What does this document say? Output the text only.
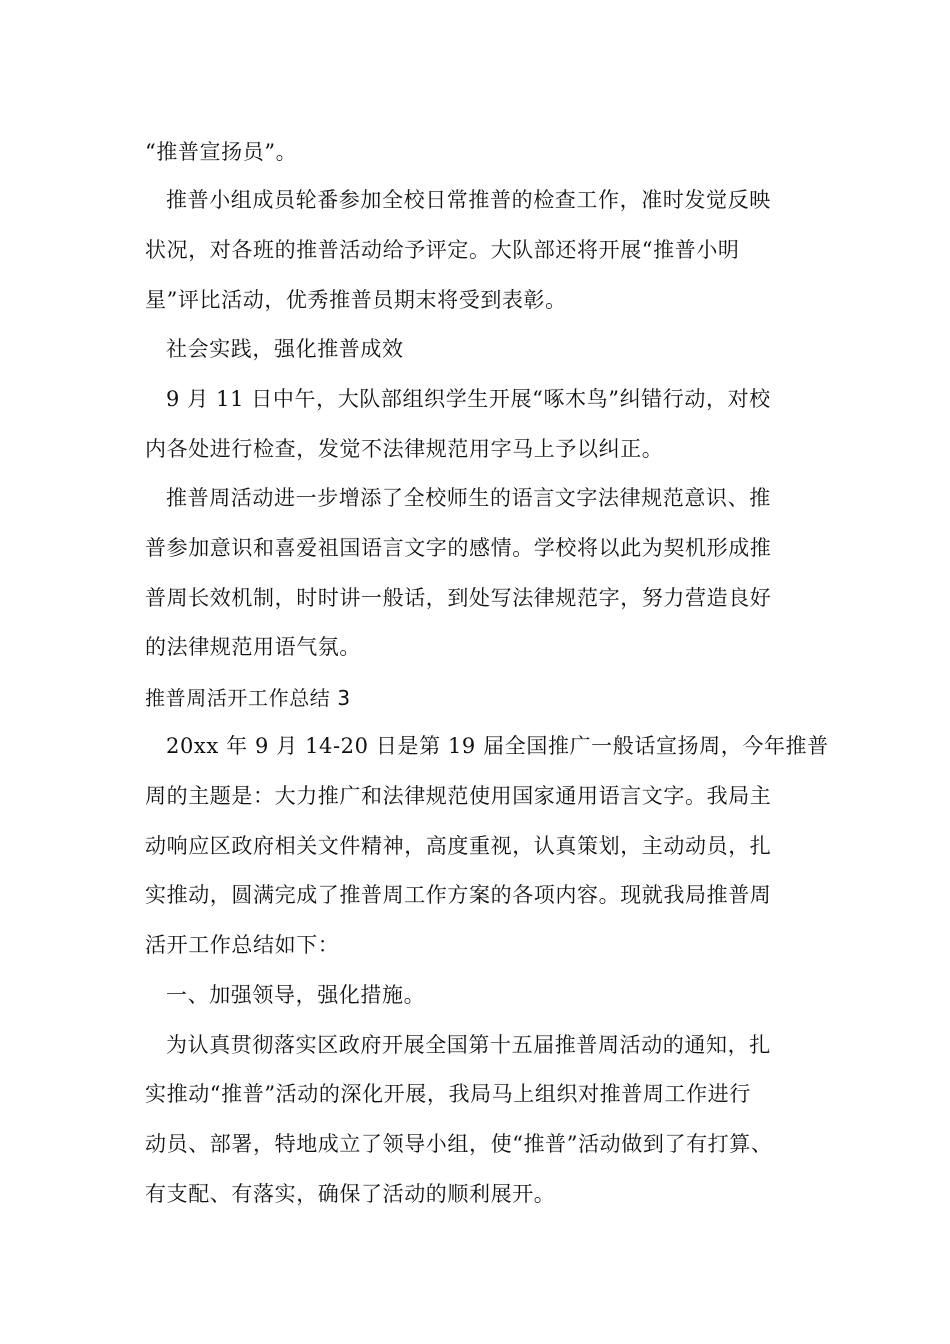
“推普宣扬员”。
推普小组成员轮番参加全校日常推普的检查工作，准时发觉反映
状况，对各班的推普活动给予评定。大队部还将开展“推普小明
星”评比活动，优秀推普员期末将受到表彰。
社会实践，强化推普成效
9 月 11 日中午，大队部组织学生开展“啄木鸟”纠错行动，对校
内各处进行检查，发觉不法律规范用字马上予以纠正。
推普周活动进一步增添了全校师生的语言文字法律规范意识、推
普参加意识和喜爱祖国语言文字的感情。学校将以此为契机形成推
普周长效机制，时时讲一般话，到处写法律规范字，努力营造良好
的法律规范用语气氛。
推普周活开工作总结 3
20xx 年 9 月 14-20 日是第 19 届全国推广一般话宣扬周，今年推普
周的主题是：大力推广和法律规范使用国家通用语言文字。我局主
动响应区政府相关文件精神，高度重视，认真策划，主动动员，扎
实推动，圆满完成了推普周工作方案的各项内容。现就我局推普周
活开工作总结如下：
一、加强领导，强化措施。
为认真贯彻落实区政府开展全国第十五届推普周活动的通知，扎
实推动“推普”活动的深化开展，我局马上组织对推普周工作进行
动员、部署，特地成立了领导小组，使“推普”活动做到了有打算、
有支配、有落实，确保了活动的顺利展开。
